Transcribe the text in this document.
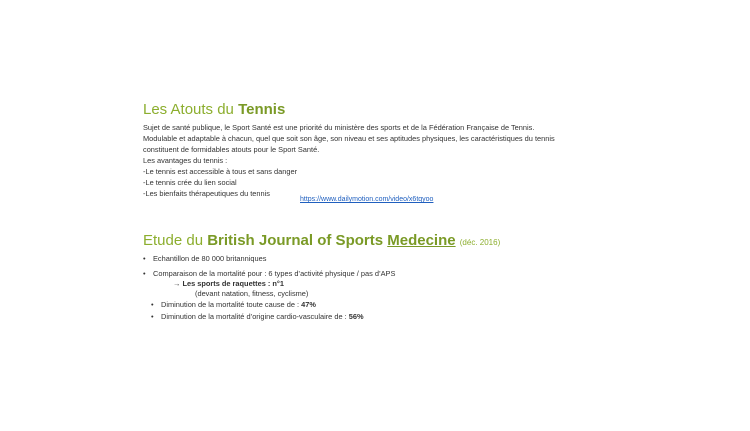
Les Atouts du Tennis
Sujet de santé publique, le Sport Santé est une priorité du ministère des sports et de la Fédération Française de Tennis.
Modulable et adaptable à chacun, quel que soit son âge, son niveau et ses aptitudes physiques, les caractéristiques du tennis
constituent de formidables atouts pour le Sport Santé.
Les avantages du tennis :
-Le tennis est accessible à tous et sans danger
-Le tennis crée du lien social
-Les bienfaits thérapeutiques du tennis
https://www.dailymotion.com/video/x6tqyoo
Etude du British Journal of Sports Medecine (déc. 2016)
• Echantillon de 80 000 britanniques
• Comparaison de la mortalité pour : 6 types d’activité physique / pas d’APS
→ Les sports de raquettes : n°1
(devant natation, fitness, cyclisme)
• Diminution de la mortalité toute cause de : 47%
• Diminution de la mortalité d’origine cardio-vasculaire de : 56%
